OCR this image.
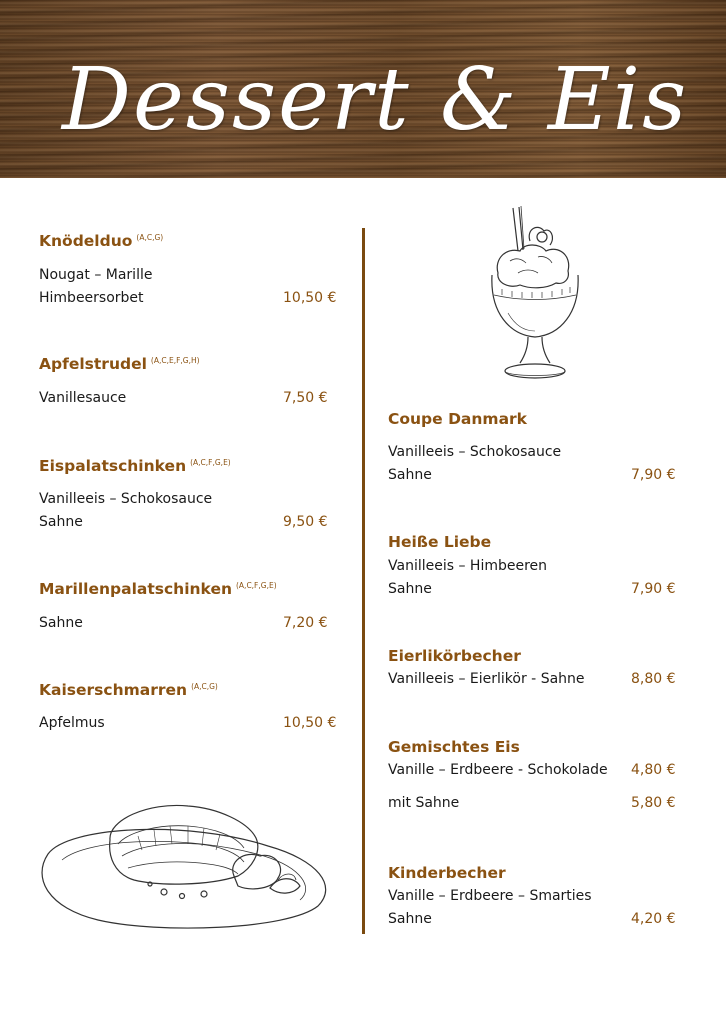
Dessert & Eis
Knödelduo $^{(A,C,G)}$
Nougat – Marille
Himbeersorbet	10,50 €
Apfelstrudel $^{(A,C,E,F,G,H)}$
Vanillesauce	7,50 €
Eispalatschinken $^{(A,C,F,G,E)}$
Vanilleeis – Schokosauce
Sahne	9,50 €
Marillenpalatschinken $^{(A,C,F,G,E)}$
Sahne	7,20 €
Kaiserschmarren $^{(A,C,G)}$
Apfelmus	10,50 €
Coupe Danmark
Vanilleeis – Schokosauce
Sahne	7,90 €
Heiße Liebe
Vanilleeis – Himbeeren
Sahne	7,90 €
Eierlikörbecher
Vanilleeis – Eierlikör - Sahne	8,80 €
Gemischtes Eis
Vanille – Erdbeere - Schokolade 4,80 €
mit Sahne	5,80 €
Kinderbecher
Vanille – Erdbeere – Smarties
Sahne	4,20 €
